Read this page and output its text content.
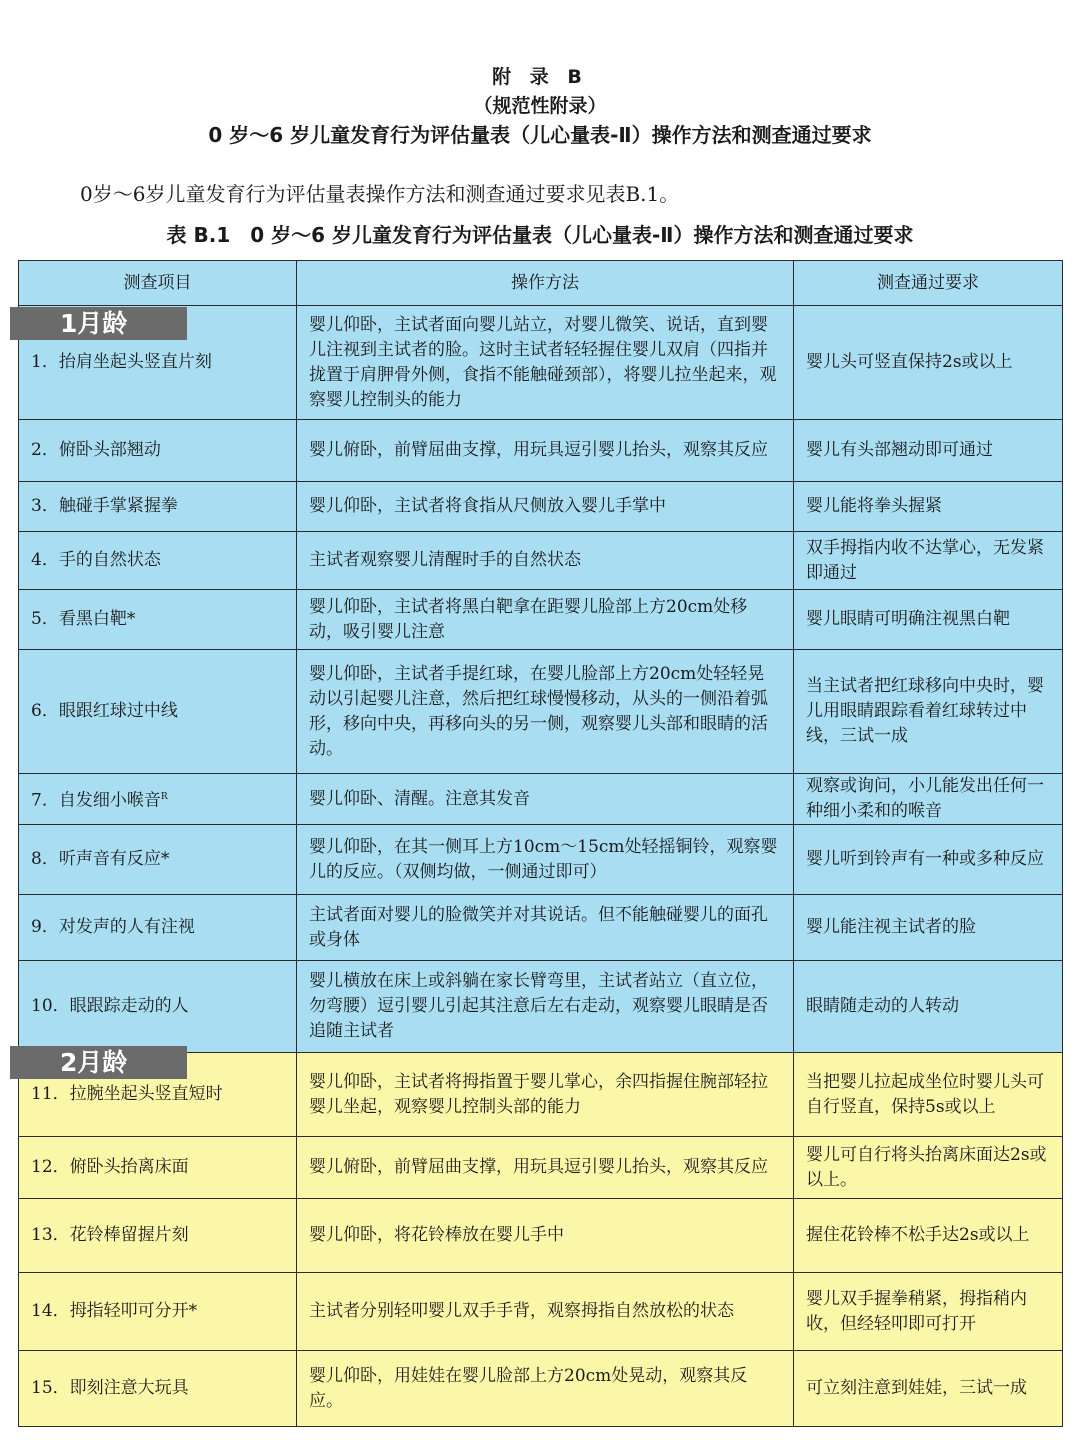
附 录 B
（规范性附录）
0 岁～6 岁儿童发育行为评估量表（儿心量表-Ⅱ）操作方法和测查通过要求
0岁～6岁儿童发育行为评估量表操作方法和测查通过要求见表B.1。
表 B.1　0 岁～6 岁儿童发育行为评估量表（儿心量表-Ⅱ）操作方法和测查通过要求
测查项目	操作方法	测查通过要求
1．抬肩坐起头竖直片刻	婴儿仰卧，主试者面向婴儿站立，对婴儿微笑、说话，直到婴儿注视到主试者的脸。这时主试者轻轻握住婴儿双肩（四指并拢置于肩胛骨外侧，食指不能触碰颈部），将婴儿拉坐起来，观察婴儿控制头的能力	婴儿头可竖直保持2s或以上
2．俯卧头部翘动	婴儿俯卧，前臂屈曲支撑，用玩具逗引婴儿抬头，观察其反应	婴儿有头部翘动即可通过
3．触碰手掌紧握拳	婴儿仰卧，主试者将食指从尺侧放入婴儿手掌中	婴儿能将拳头握紧
4．手的自然状态	主试者观察婴儿清醒时手的自然状态	双手拇指内收不达掌心，无发紧即通过
5．看黑白靶*	婴儿仰卧，主试者将黑白靶拿在距婴儿脸部上方20cm处移动，吸引婴儿注意	婴儿眼睛可明确注视黑白靶
6．眼跟红球过中线	婴儿仰卧，主试者手提红球，在婴儿脸部上方20cm处轻轻晃动以引起婴儿注意，然后把红球慢慢移动，从头的一侧沿着弧形，移向中央，再移向头的另一侧，观察婴儿头部和眼睛的活动。	当主试者把红球移向中央时，婴儿用眼睛跟踪看着红球转过中线，三试一成
7．自发细小喉音$^R$	婴儿仰卧、清醒。注意其发音	观察或询问，小儿能发出任何一种细小柔和的喉音
8．听声音有反应*	婴儿仰卧，在其一侧耳上方10cm～15cm处轻摇铜铃，观察婴儿的反应。（双侧均做，一侧通过即可）	婴儿听到铃声有一种或多种反应
9．对发声的人有注视	主试者面对婴儿的脸微笑并对其说话。但不能触碰婴儿的面孔或身体	婴儿能注视主试者的脸
10．眼跟踪走动的人	婴儿横放在床上或斜躺在家长臂弯里，主试者站立（直立位，勿弯腰）逗引婴儿引起其注意后左右走动，观察婴儿眼睛是否追随主试者	眼睛随走动的人转动
11．拉腕坐起头竖直短时	婴儿仰卧，主试者将拇指置于婴儿掌心，余四指握住腕部轻拉婴儿坐起，观察婴儿控制头部的能力	当把婴儿拉起成坐位时婴儿头可自行竖直，保持5s或以上
12．俯卧头抬离床面	婴儿俯卧，前臂屈曲支撑，用玩具逗引婴儿抬头，观察其反应	婴儿可自行将头抬离床面达2s或以上。
13．花铃棒留握片刻	婴儿仰卧，将花铃棒放在婴儿手中	握住花铃棒不松手达2s或以上
14．拇指轻叩可分开*	主试者分别轻叩婴儿双手手背，观察拇指自然放松的状态	婴儿双手握拳稍紧，拇指稍内收，但经轻叩即可打开
15．即刻注意大玩具	婴儿仰卧，用娃娃在婴儿脸部上方20cm处晃动，观察其反应。	可立刻注意到娃娃，三试一成
1月龄
2月龄
